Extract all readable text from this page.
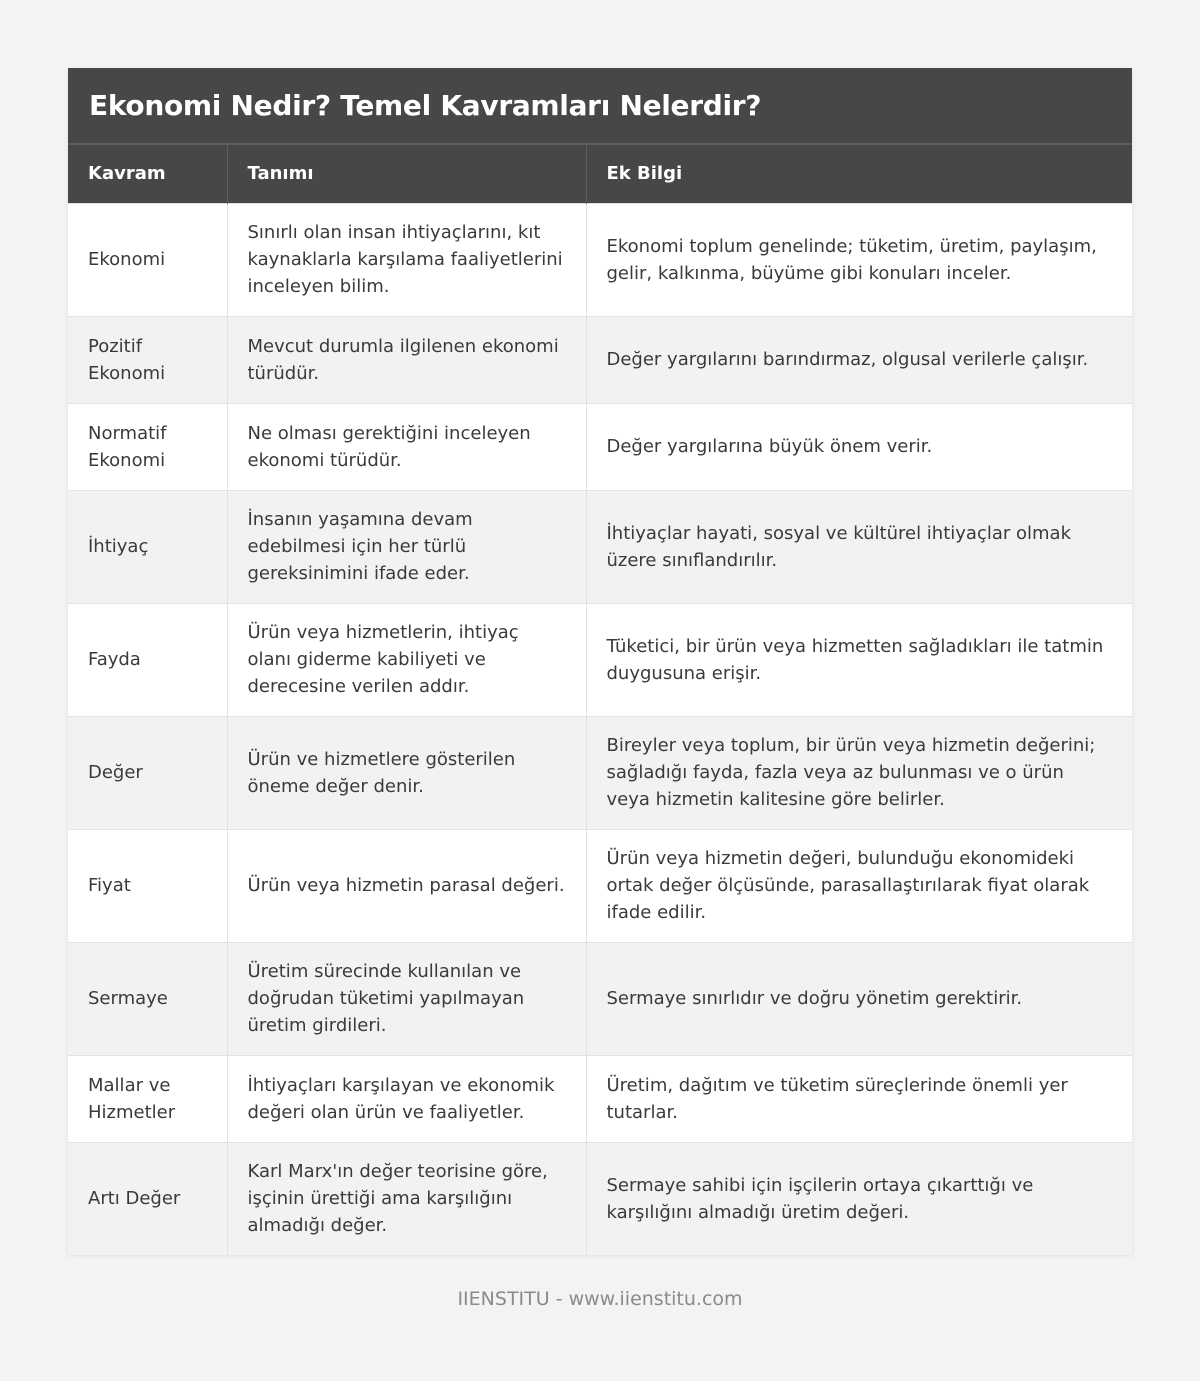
Ekonomi Nedir? Temel Kavramları Nelerdir?
Kavram	Tanımı	Ek Bilgi
Ekonomi	Sınırlı olan insan ihtiyaçlarını, kıt kaynaklarla karşılama faaliyetlerini inceleyen bilim.	Ekonomi toplum genelinde; tüketim, üretim, paylaşım, gelir, kalkınma, büyüme gibi konuları inceler.
Pozitif Ekonomi	Mevcut durumla ilgilenen ekonomi türüdür.	Değer yargılarını barındırmaz, olgusal verilerle çalışır.
Normatif Ekonomi	Ne olması gerektiğini inceleyen ekonomi türüdür.	Değer yargılarına büyük önem verir.
İhtiyaç	İnsanın yaşamına devam edebilmesi için her türlü gereksinimini ifade eder.	İhtiyaçlar hayati, sosyal ve kültürel ihtiyaçlar olmak üzere sınıflandırılır.
Fayda	Ürün veya hizmetlerin, ihtiyaç olanı giderme kabiliyeti ve derecesine verilen addır.	Tüketici, bir ürün veya hizmetten sağladıkları ile tatmin duygusuna erişir.
Değer	Ürün ve hizmetlere gösterilen öneme değer denir.	Bireyler veya toplum, bir ürün veya hizmetin değerini; sağladığı fayda, fazla veya az bulunması ve o ürün veya hizmetin kalitesine göre belirler.
Fiyat	Ürün veya hizmetin parasal değeri.	Ürün veya hizmetin değeri, bulunduğu ekonomideki ortak değer ölçüsünde, parasallaştırılarak fiyat olarak ifade edilir.
Sermaye	Üretim sürecinde kullanılan ve doğrudan tüketimi yapılmayan üretim girdileri.	Sermaye sınırlıdır ve doğru yönetim gerektirir.
Mallar ve Hizmetler	İhtiyaçları karşılayan ve ekonomik değeri olan ürün ve faaliyetler.	Üretim, dağıtım ve tüketim süreçlerinde önemli yer tutarlar.
Artı Değer	Karl Marx'ın değer teorisine göre, işçinin ürettiği ama karşılığını almadığı değer.	Sermaye sahibi için işçilerin ortaya çıkarttığı ve karşılığını almadığı üretim değeri.
IIENSTITU - www.iienstitu.com
